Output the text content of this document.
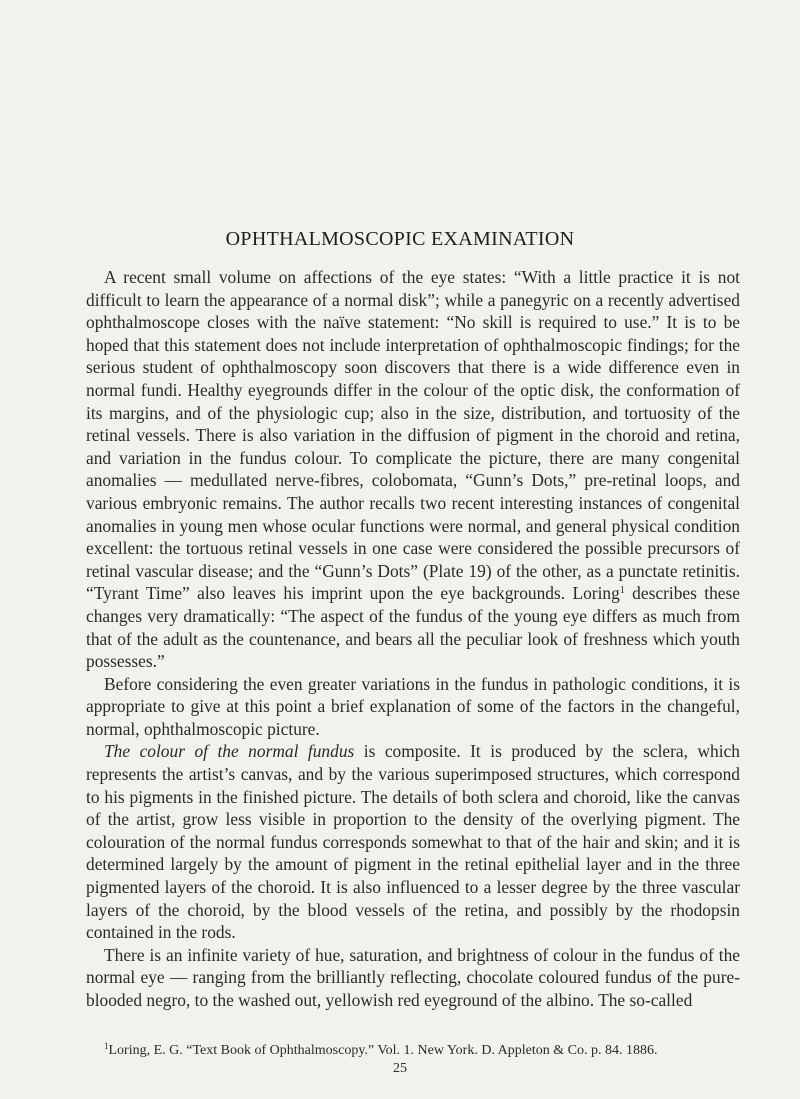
OPHTHALMOSCOPIC EXAMINATION

A recent small volume on affections of the eye states: “With a little practice it is not difficult to learn the appearance of a normal disk”; while a panegyric on a recently advertised ophthalmoscope closes with the naïve statement: “No skill is required to use.” It is to be hoped that this statement does not include interpretation of ophthalmoscopic findings; for the serious student of ophthalmoscopy soon discovers that there is a wide difference even in normal fundi. Healthy eyegrounds differ in the colour of the optic disk, the conformation of its margins, and of the physiologic cup; also in the size, distribution, and tortuosity of the retinal vessels. There is also variation in the diffusion of pigment in the choroid and retina, and variation in the fundus colour. To complicate the picture, there are many congenital anomalies — medullated nerve-fibres, colobomata, “Gunn’s Dots,” pre-retinal loops, and various embryonic remains. The author recalls two recent interesting instances of congenital anomalies in young men whose ocular functions were normal, and general physical condition excellent: the tortuous retinal vessels in one case were considered the possible precursors of retinal vascular disease; and the “Gunn’s Dots” (Plate 19) of the other, as a punctate retinitis. “Tyrant Time” also leaves his imprint upon the eye backgrounds. Loring$^1$ describes these changes very dramatically: “The aspect of the fundus of the young eye differs as much from that of the adult as the countenance, and bears all the peculiar look of freshness which youth possesses.”

Before considering the even greater variations in the fundus in pathologic conditions, it is appropriate to give at this point a brief explanation of some of the factors in the changeful, normal, ophthalmoscopic picture.

The colour of the normal fundus is composite. It is produced by the sclera, which represents the artist’s canvas, and by the various superimposed structures, which correspond to his pigments in the finished picture. The details of both sclera and choroid, like the canvas of the artist, grow less visible in proportion to the density of the overlying pigment. The colouration of the normal fundus corresponds somewhat to that of the hair and skin; and it is determined largely by the amount of pigment in the retinal epithelial layer and in the three pigmented layers of the choroid. It is also influenced to a lesser degree by the three vascular layers of the choroid, by the blood vessels of the retina, and possibly by the rhodopsin contained in the rods.

There is an infinite variety of hue, saturation, and brightness of colour in the fundus of the normal eye — ranging from the brilliantly reflecting, chocolate coloured fundus of the pure-blooded negro, to the washed out, yellowish red eyeground of the albino. The so-called

$^1$Loring, E. G. “Text Book of Ophthalmoscopy.” Vol. 1. New York. D. Appleton & Co. p. 84. 1886.
25
